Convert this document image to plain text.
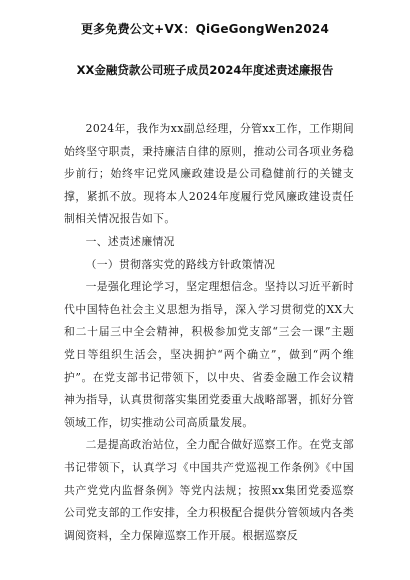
更多免费公文+VX：QiGeGongWen2024
XX金融贷款公司班子成员2024年度述责述廉报告

2024年，我作为xx副总经理，分管xx工作，工作期间始终坚守职责，秉持廉洁自律的原则，推动公司各项业务稳步前行；始终牢记党风廉政建设是公司稳健前行的关键支撑，紧抓不放。现将本人2024年度履行党风廉政建设责任制相关情况报告如下。

一、述责述廉情况

（一）贯彻落实党的路线方针政策情况

一是强化理论学习，坚定理想信念。坚持以习近平新时代中国特色社会主义思想为指导，深入学习贯彻党的XX大和二十届三中全会精神，积极参加党支部“三会一课”主题党日等组织生活会，坚决拥护“两个确立”，做到“两个维护”。在党支部书记带领下，以中央、省委金融工作会议精神为指导，认真贯彻落实集团党委重大战略部署，抓好分管领域工作，切实推动公司高质量发展。

二是提高政治站位，全力配合做好巡察工作。在党支部书记带领下，认真学习《中国共产党巡视工作条例》《中国共产党党内监督条例》等党内法规；按照xx集团党委巡察公司党支部的工作安排，全力积极配合提供分管领域内各类调阅资料，全力保障巡察工作开展。根据巡察反
